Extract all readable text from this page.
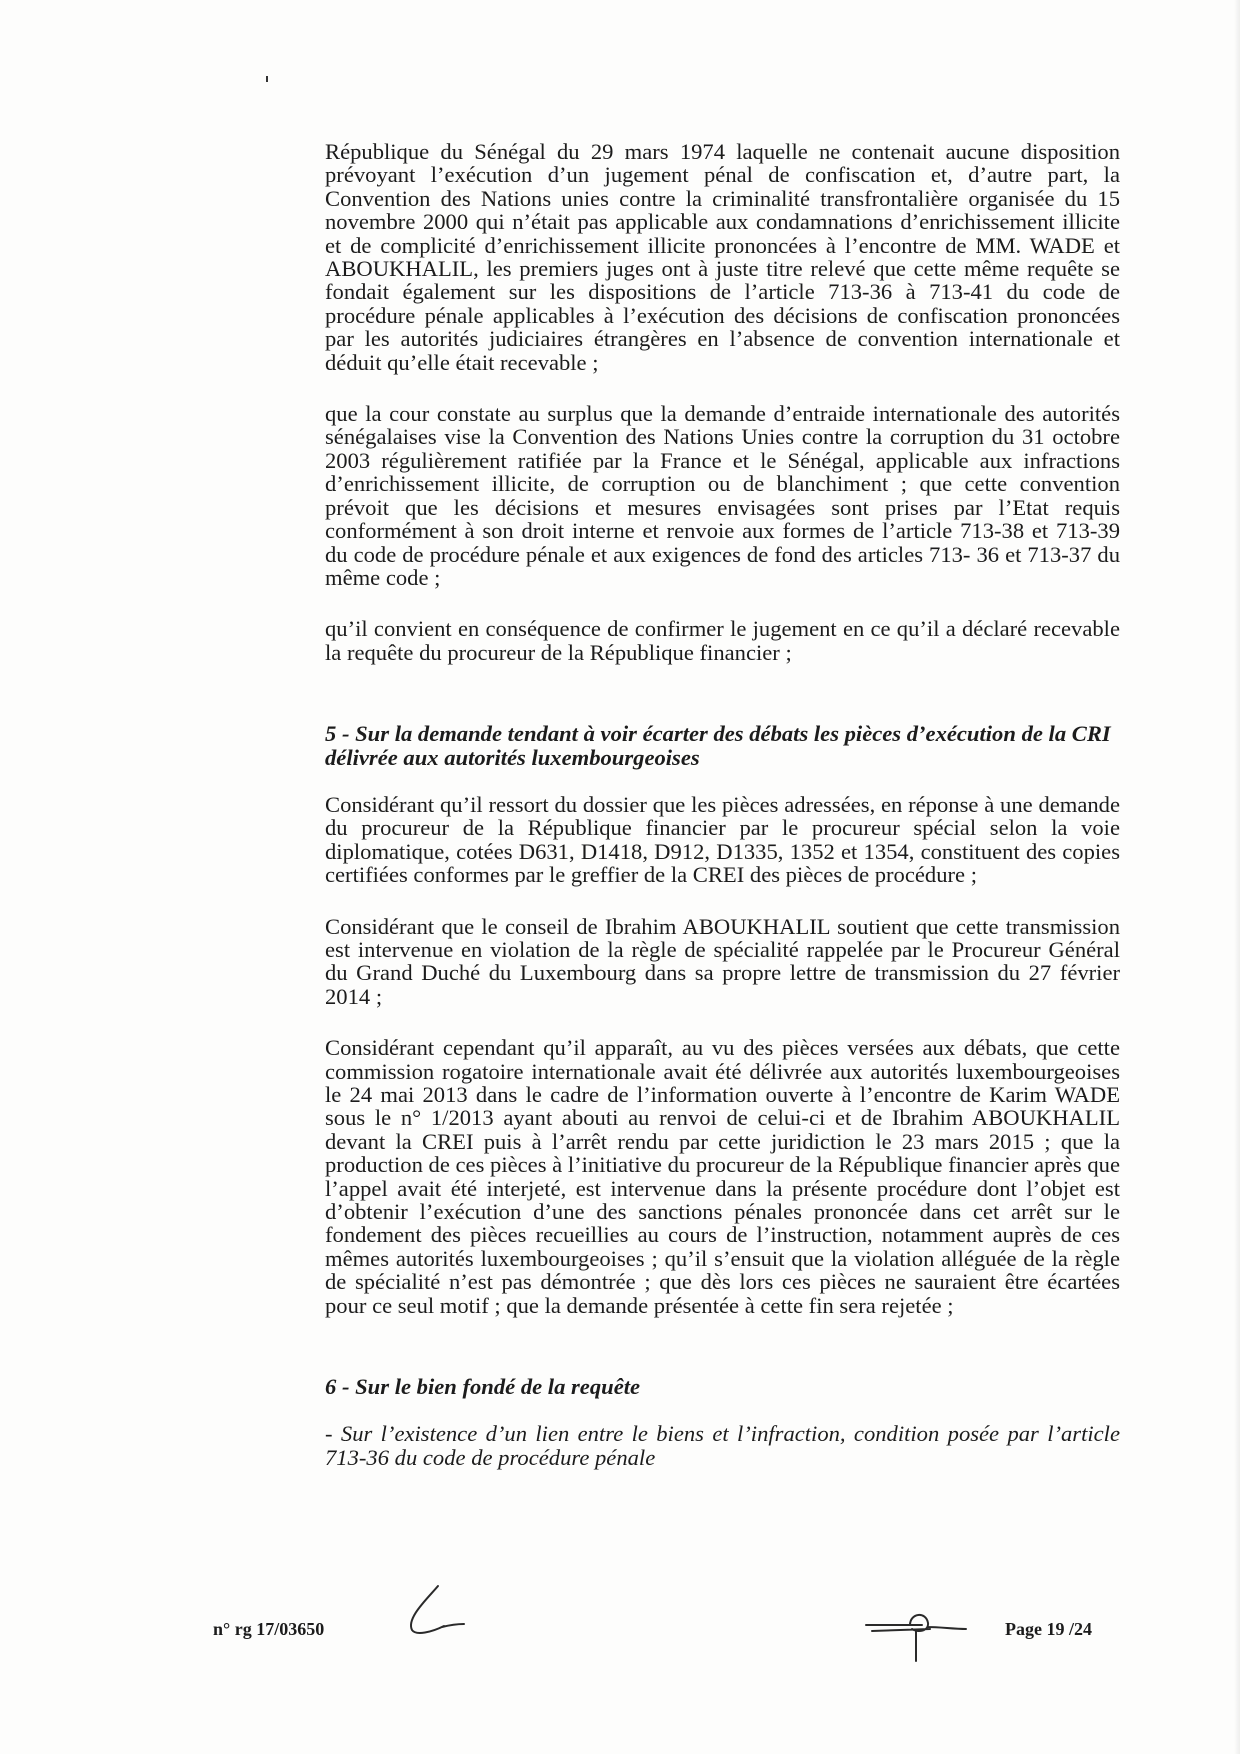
République du Sénégal du 29 mars 1974 laquelle ne contenait aucune disposition prévoyant l’exécution d’un jugement pénal de confiscation et, d’autre part, la Convention des Nations unies contre la criminalité transfrontalière organisée du 15 novembre 2000 qui n’était pas applicable aux condamnations d’enrichissement illicite et de complicité d’enrichissement illicite prononcées à l’encontre de MM. WADE et ABOUKHALIL, les premiers juges ont à juste titre relevé que cette même requête se fondait également sur les dispositions de l’article 713-36 à 713-41 du code de procédure pénale applicables à l’exécution des décisions de confiscation prononcées par les autorités judiciaires étrangères en l’absence de convention internationale et déduit qu’elle était recevable ;

que la cour constate au surplus que la demande d’entraide internationale des autorités sénégalaises vise la Convention des Nations Unies contre la corruption du 31 octobre 2003 régulièrement ratifiée par la France et le Sénégal, applicable aux infractions d’enrichissement illicite, de corruption ou de blanchiment ; que cette convention prévoit que les décisions et mesures envisagées sont prises par l’Etat requis conformément à son droit interne et renvoie aux formes de l’article 713-38 et 713-39 du code de procédure pénale et aux exigences de fond des articles 713- 36 et 713-37 du même code ;

qu’il convient en conséquence de confirmer le jugement en ce qu’il a déclaré recevable la requête du procureur de la République financier ;

5 - Sur la demande tendant à voir écarter des débats les pièces d’exécution de la CRI délivrée aux autorités luxembourgeoises

Considérant qu’il ressort du dossier que les pièces adressées, en réponse à une demande du procureur de la République financier par le procureur spécial selon la voie diplomatique, cotées D631, D1418, D912, D1335, 1352 et 1354, constituent des copies certifiées conformes par le greffier de la CREI des pièces de procédure ;

Considérant que le conseil de Ibrahim ABOUKHALIL soutient que cette transmission est intervenue en violation de la règle de spécialité rappelée par le Procureur Général du Grand Duché du Luxembourg dans sa propre lettre de transmission du 27 février 2014 ;

Considérant cependant qu’il apparaît, au vu des pièces versées aux débats, que cette commission rogatoire internationale avait été délivrée aux autorités luxembourgeoises le 24 mai 2013 dans le cadre de l’information ouverte à l’encontre de Karim WADE sous le n° 1/2013 ayant abouti au renvoi de celui-ci et de Ibrahim ABOUKHALIL devant la CREI puis à l’arrêt rendu par cette juridiction le 23 mars 2015 ; que la production de ces pièces à l’initiative du procureur de la République financier après que l’appel avait été interjeté, est intervenue dans la présente procédure dont l’objet est d’obtenir l’exécution d’une des sanctions pénales prononcée dans cet arrêt sur le fondement des pièces recueillies au cours de l’instruction, notamment auprès de ces mêmes autorités luxembourgeoises ; qu’il s’ensuit que la violation alléguée de la règle de spécialité n’est pas démontrée ; que dès lors ces pièces ne sauraient être écartées pour ce seul motif ; que la demande présentée à cette fin sera rejetée ;

6 - Sur le bien fondé de la requête

- Sur l’existence d’un lien entre le biens et l’infraction, condition posée par l’article 713-36 du code de procédure pénale

n° rg 17/03650	Page 19 /24
